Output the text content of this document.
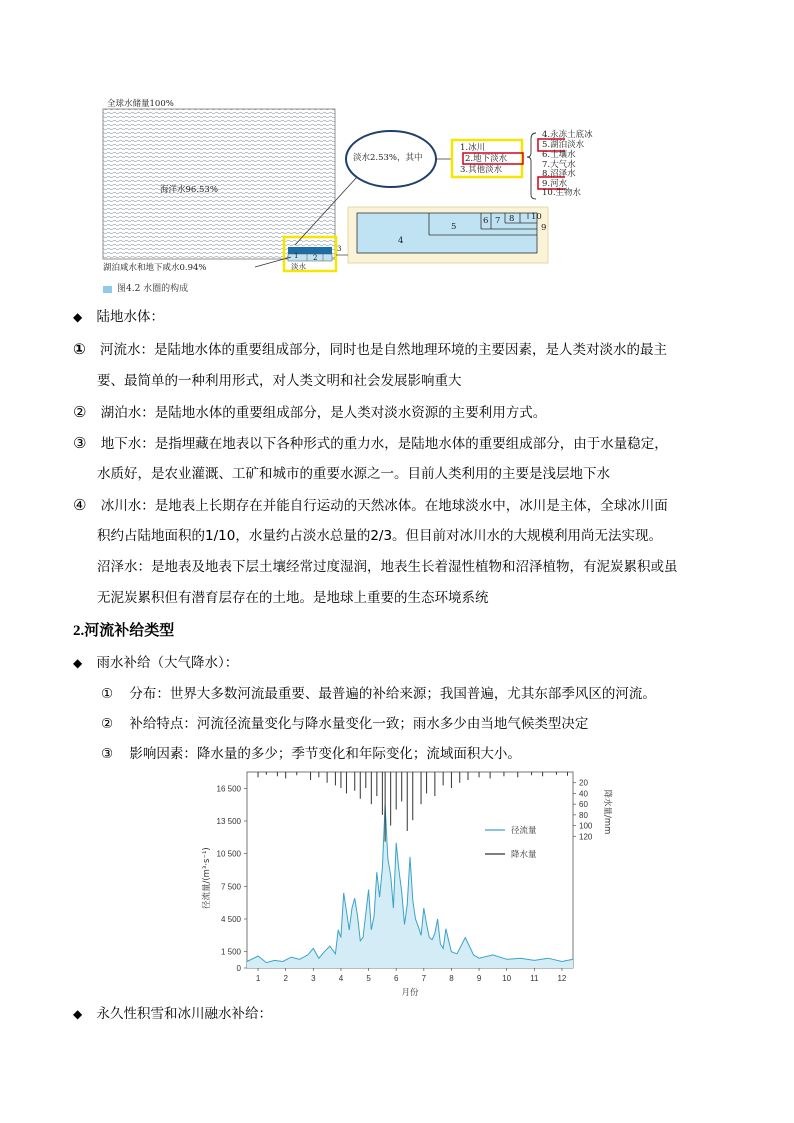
全球水储量100%
海洋水96.53%
湖泊咸水和地下咸水0.94%	淡水
1 2
3
淡水2.53%，其中
1.冰川
2.地下淡水
3.其他淡水
4.永冻土底冰
5.湖泊淡水
6.土壤水
7.大气水
8.沼泽水
9.河水
10.生物水
4
5
6 7 8
9
10
图4.2 水圈的构成
◆ 陆地水体：
① 河流水：是陆地水体的重要组成部分，同时也是自然地理环境的主要因素，是人类对淡水的最主
要、最简单的一种利用形式，对人类文明和社会发展影响重大
② 湖泊水：是陆地水体的重要组成部分，是人类对淡水资源的主要利用方式。
③ 地下水：是指埋藏在地表以下各种形式的重力水，是陆地水体的重要组成部分，由于水量稳定，
水质好，是农业灌溉、工矿和城市的重要水源之一。目前人类利用的主要是浅层地下水
④ 冰川水：是地表上长期存在并能自行运动的天然冰体。在地球淡水中，冰川是主体，全球冰川面
积约占陆地面积的1/10，水量约占淡水总量的2/3。但目前对冰川水的大规模利用尚无法实现。
沼泽水：是地表及地表下层土壤经常过度湿润，地表生长着湿性植物和沼泽植物，有泥炭累积或虽
无泥炭累积但有潜育层存在的土地。是地球上重要的生态环境系统
2.河流补给类型
◆ 雨水补给（大气降水）：
① 分布：世界大多数河流最重要、最普遍的补给来源；我国普遍，尤其东部季风区的河流。
② 补给特点：河流径流量变化与降水量变化一致；雨水多少由当地气候类型决定
③ 影响因素：降水量的多少；季节变化和年际变化；流域面积大小。
0
1 500
4 500
7 500
10 500
13 500
16 500
20
40
60
80
100
120
1	2	3	4	5	6	7	8	9	10 11 12
月份
径流量/(m³·s⁻¹)
降水量/mm
径流量
降水量
◆ 永久性积雪和冰川融水补给：
